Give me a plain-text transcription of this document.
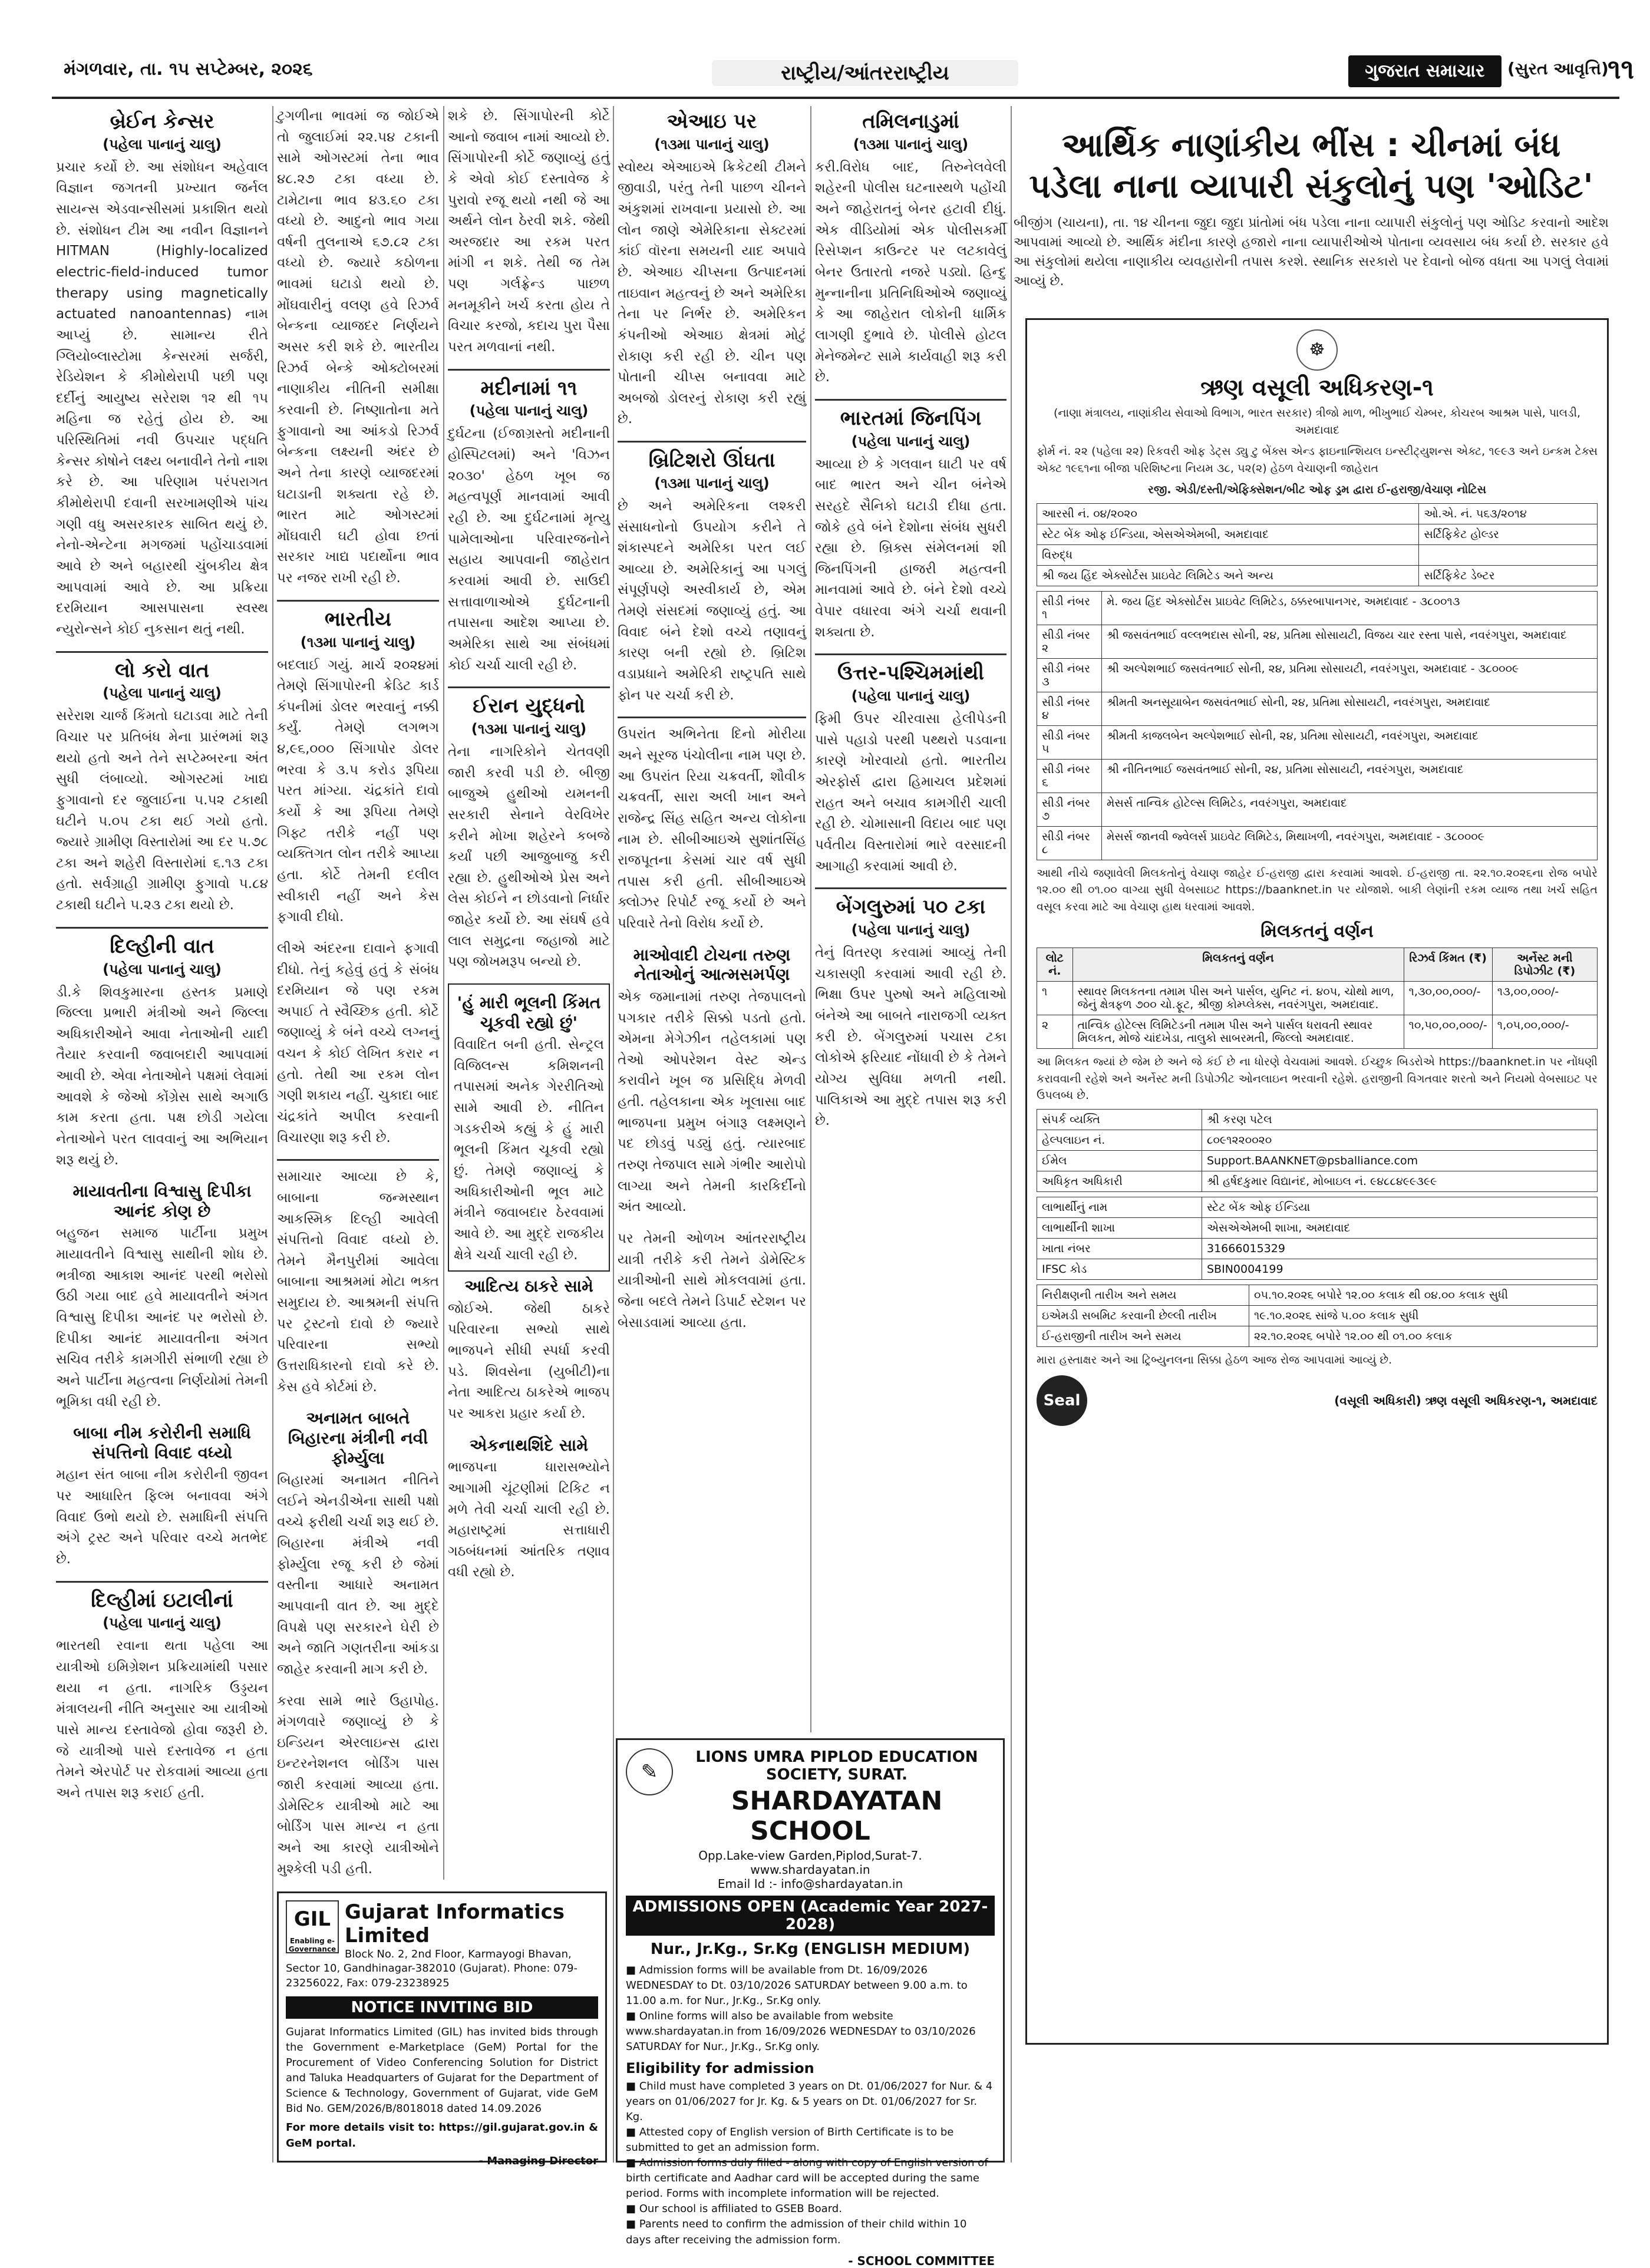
મંગળવાર, તા. ૧૫ સપ્ટેમ્બર, ૨૦૨૬	રાષ્ટ્રીય/આંતરરાષ્ટ્રીય	ગુજરાત સમાચાર	(સુરત આવૃત્તિ)
૧૧
બ્રેઈન કેન્સર
(પહેલા પાનાનું ચાલુ)
પ્રચાર કર્યો છે. આ સંશોધન અહેવાલ વિજ્ઞાન જગતની પ્રખ્યાત જર્નલ સાયન્સ એડવાન્સીસમાં પ્રકાશિત થયો છે. સંશોધન ટીમ આ નવીન વિજ્ઞાનને HITMAN (Highly-localized electric-field-induced tumor therapy using magnetically actuated nanoantennas) નામ આપ્યું છે. સામાન્ય રીતે ગ્લિયોબ્લાસ્ટોમા કેન્સરમાં સર્જરી, રેડિયેશન કે કીમોથેરાપી પછી પણ દર્દીનું આયુષ્ય સરેરાશ ૧૨ થી ૧૫ મહિના જ રહેતું હોય છે. આ પરિસ્થિતિમાં નવી ઉપચાર પદ્ધતિ કેન્સર કોષોને લક્ષ્ય બનાવીને તેનો નાશ કરે છે. આ પરિણામ પરંપરાગત કીમોથેરાપી દવાની સરખામણીએ પાંચ ગણી વધુ અસરકારક સાબિત થયું છે. નેનો-એન્ટેના મગજમાં પહોંચાડવામાં આવે છે અને બહારથી ચુંબકીય ક્ષેત્ર આપવામાં આવે છે. આ પ્રક્રિયા દરમિયાન આસપાસના સ્વસ્થ ન્યુરોન્સને કોઈ નુકસાન થતું નથી.
લો કરો વાત
(પહેલા પાનાનું ચાલુ)
સરેરાશ ચાર્જ કિંમતો ઘટાડવા માટે તેની વિચાર પર પ્રતિબંધ મેના પ્રારંભમાં શરૂ થયો હતો અને તેને સપ્ટેમ્બરના અંત સુધી લંબાવ્યો. ઓગસ્ટમાં ખાદ્ય ફુગાવાનો દર જુલાઈના ૫.૫૨ ટકાથી ઘટીને ૫.૦૫ ટકા થઈ ગયો હતો. જ્યારે ગ્રામીણ વિસ્તારોમાં આ દર ૫.૭૮ ટકા અને શહેરી વિસ્તારોમાં ૬.૧૩ ટકા હતો. સર્વગ્રાહી ગ્રામીણ ફુગાવો ૫.૮૪ ટકાથી ઘટીને ૫.૨૩ ટકા થયો છે.
દિલ્હીની વાત
(પહેલા પાનાનું ચાલુ)
ડી.કે શિવકુમારના હસ્તક પ્રમાણે જિલ્લા પ્રભારી મંત્રીઓ અને જિલ્લા અધિકારીઓને આવા નેતાઓની યાદી તૈયાર કરવાની જવાબદારી આપવામાં આવી છે. એવા નેતાઓને પક્ષમાં લેવામાં આવશે કે જેઓ કોંગ્રેસ સાથે અગાઉ કામ કરતા હતા. પક્ષ છોડી ગયેલા નેતાઓને પરત લાવવાનું આ અભિયાન શરૂ થયું છે.
માયાવતીના વિશ્વાસુ દિપીકા આનંદ કોણ છે
બહુજન સમાજ પાર્ટીના પ્રમુખ માયાવતીને વિશ્વાસુ સાથીની શોધ છે. ભત્રીજા આકાશ આનંદ પરથી ભરોસો ઉઠી ગયા બાદ હવે માયાવતીને અંગત વિશ્વાસુ દિપીકા આનંદ પર ભરોસો છે. દિપીકા આનંદ માયાવતીના અંગત સચિવ તરીકે કામગીરી સંભાળી રહ્યા છે અને પાર્ટીના મહત્વના નિર્ણયોમાં તેમની ભૂમિકા વધી રહી છે.
બાબા નીમ કરોરીની સમાધિ સંપત્તિનો વિવાદ વધ્યો
મહાન સંત બાબા નીમ કરોરીની જીવન પર આધારિત ફિલ્મ બનાવવા અંગે વિવાદ ઉભો થયો છે. સમાધિની સંપત્તિ અંગે ટ્રસ્ટ અને પરિવાર વચ્ચે મતભેદ છે.
દિલ્હીમાં ઇટાલીનાં
(પહેલા પાનાનું ચાલુ)
ભારતથી રવાના થતા પહેલા આ યાત્રીઓ ઇમિગ્રેશન પ્રક્રિયામાંથી પસાર થયા ન હતા. નાગરિક ઉડ્ડયન મંત્રાલયની નીતિ અનુસાર આ યાત્રીઓ પાસે માન્ય દસ્તાવેજો હોવા જરૂરી છે. જે યાત્રીઓ પાસે દસ્તાવેજ ન હતા તેમને એરપોર્ટ પર રોકવામાં આવ્યા હતા અને તપાસ શરૂ કરાઈ હતી.
ટુગળીના ભાવમાં જ જોઈએ તો જુલાઈમાં ૨૨.૫૪ ટકાની સામે ઓગસ્ટમાં તેના ભાવ ૪૮.૨૭ ટકા વધ્યા છે. ટામેટાના ભાવ ૪૩.૬૦ ટકા વધ્યો છે. આદુનો ભાવ ગયા વર્ષની તુલનાએ ૬૭.૮૨ ટકા વધ્યો છે. જ્યારે કઠોળના ભાવમાં ઘટાડો થયો છે. મોંઘવારીનું વલણ હવે રિઝર્વ બેન્કના વ્યાજદર નિર્ણયને અસર કરી શકે છે. ભારતીય રિઝર્વ બેન્કે ઓક્ટોબરમાં નાણાકીય નીતિની સમીક્ષા કરવાની છે. નિષ્ણાતોના મતે ફુગાવાનો આ આંકડો રિઝર્વ બેન્કના લક્ષ્યની અંદર છે અને તેના કારણે વ્યાજદરમાં ઘટાડાની શક્યતા રહે છે. ભારત માટે ઓગસ્ટમાં મોંઘવારી ઘટી હોવા છતાં સરકાર ખાદ્ય પદાર્થોના ભાવ પર નજર રાખી રહી છે.
ભારતીય
(૧૩મા પાનાનું ચાલુ)
બદલાઈ ગયું. માર્ચ ૨૦૨૪માં તેમણે સિંગાપોરની ક્રેડિટ કાર્ડ કંપનીમાં ડોલર ભરવાનું નક્કી કર્યું. તેમણે લગભગ ૪,૯૬,૦૦૦ સિંગાપોર ડોલર ભરવા કે ૩.૫ કરોડ રૂપિયા પરત માંગ્યા. ચંદ્રકાંતે દાવો કર્યો કે આ રૂપિયા તેમણે ગિફ્ટ તરીકે નહીં પણ વ્યક્તિગત લોન તરીકે આપ્યા હતા. કોર્ટે તેમની દલીલ સ્વીકારી નહીં અને કેસ ફગાવી દીધો.
લીએ અંદરના દાવાને ફગાવી દીધો. તેનું કહેવું હતું કે સંબંધ દરમિયાન જે પણ રકમ અપાઈ તે સ્વૈચ્છિક હતી. કોર્ટે જણાવ્યું કે બંને વચ્ચે લગ્નનું વચન કે કોઈ લેખિત કરાર ન હતો. તેથી આ રકમ લોન ગણી શકાય નહીં. ચુકાદા બાદ ચંદ્રકાંતે અપીલ કરવાની વિચારણા શરૂ કરી છે.
સમાચાર આવ્યા છે કે, બાબાના જન્મસ્થાન આકસ્મિક દિલ્હી આવેલી સંપત્તિનો વિવાદ વધ્યો છે. તેમને મૈનપુરીમાં આવેલા બાબાના આશ્રમમાં મોટા ભક્ત સમુદાય છે. આશ્રમની સંપત્તિ પર ટ્રસ્ટનો દાવો છે જ્યારે પરિવારના સભ્યો ઉત્તરાધિકારનો દાવો કરે છે. કેસ હવે કોર્ટમાં છે.
અનામત બાબતે બિહારના મંત્રીની નવી ફોર્મ્યુલા
બિહારમાં અનામત નીતિને લઈને એનડીએના સાથી પક્ષો વચ્ચે ફરીથી ચર્ચા શરૂ થઈ છે. બિહારના મંત્રીએ નવી ફોર્મ્યુલા રજૂ કરી છે જેમાં વસ્તીના આધારે અનામત આપવાની વાત છે. આ મુદ્દે વિપક્ષે પણ સરકારને ઘેરી છે અને જાતિ ગણતરીના આંકડા જાહેર કરવાની માગ કરી છે.
કરવા સામે ભારે ઉહાપોહ. મંગળવારે જણાવ્યું છે કે ઇન્ડિયન એરલાઇન્સ દ્વારા ઇન્ટરનેશનલ બોર્ડિંગ પાસ જારી કરવામાં આવ્યા હતા. ડોમેસ્ટિક યાત્રીઓ માટે આ બોર્ડિંગ પાસ માન્ય ન હતા અને આ કારણે યાત્રીઓને મુશ્કેલી પડી હતી.
શકે છે. સિંગાપોરની કોર્ટે આનો જવાબ નામાં આવ્યો છે. સિંગાપોરની કોર્ટે જણાવ્યું હતું કે એવો કોઈ દસ્તાવેજ કે પુરાવો રજૂ થયો નથી જે આ અર્થને લોન ઠેરવી શકે. જેથી અરજદાર આ રકમ પરત માંગી ન શકે. તેથી જ તેમ પણ ગર્લફ્રેન્ડ પાછળ મનમૂકીને ખર્ચ કરતા હોય તે વિચાર કરજો, કદાચ પુરા પૈસા પરત મળવાનાં નથી.
મદીનામાં ૧૧
(પહેલા પાનાનું ચાલુ)
દુર્ઘટના (ઈજાગ્રસ્તો મદીનાની હોસ્પિટલમાં) અને 'વિઝન ૨૦૩૦' હેઠળ ખૂબ જ મહત્વપૂર્ણ માનવામાં આવી રહી છે. આ દુર્ઘટનામાં મૃત્યુ પામેલાઓના પરિવારજનોને સહાય આપવાની જાહેરાત કરવામાં આવી છે. સાઉદી સત્તાવાળાઓએ દુર્ઘટનાની તપાસના આદેશ આપ્યા છે. અમેરિકા સાથે આ સંબંધમાં કોઈ ચર્ચા ચાલી રહી છે.
ઈરાન યુદ્ધનો
(૧૩મા પાનાનું ચાલુ)
તેના નાગરિકોને ચેતવણી જારી કરવી પડી છે. બીજી બાજુએ હુથીઓ યમનની સરકારી સેનાને વેરવિખેર કરીને મોખા શહેરને કબજે કર્યાં પછી આજુબાજુ કરી રહ્યા છે. હુથીઓએ પ્રેસ અને લેસ કોઈને ન છોડવાનો નિર્ધાર જાહેર કર્યો છે. આ સંઘર્ષ હવે લાલ સમુદ્રના જહાજો માટે પણ જોખમરૂપ બન્યો છે.
'હું મારી ભૂલની કિંમત ચૂકવી રહ્યો છું'
વિવાદિત બની હતી. સેન્ટ્રલ વિજિલન્સ કમિશનની તપાસમાં અનેક ગેરરીતિઓ સામે આવી છે. નીતિન ગડકરીએ કહ્યું કે હું મારી ભૂલની કિંમત ચૂકવી રહ્યો છું. તેમણે જણાવ્યું કે અધિકારીઓની ભૂલ માટે મંત્રીને જવાબદાર ઠેરવવામાં આવે છે. આ મુદ્દે રાજકીય ક્ષેત્રે ચર્ચા ચાલી રહી છે.
આદિત્ય ઠાકરે સામે
જોઈએ. જેથી ઠાકરે પરિવારના સભ્યો સાથે ભાજપને સીધી સ્પર્ધા કરવી પડે. શિવસેના (યુબીટી)ના નેતા આદિત્ય ઠાકરેએ ભાજપ પર આકરા પ્રહાર કર્યા છે.
એકનાથશિંદે સામે
ભાજપના ધારાસભ્યોને આગામી ચૂંટણીમાં ટિકિટ ન મળે તેવી ચર્ચા ચાલી રહી છે. મહારાષ્ટ્રમાં સત્તાધારી ગઠબંધનમાં આંતરિક તણાવ વધી રહ્યો છે.
એઆઇ પર
(૧૩મા પાનાનું ચાલુ)
સ્વોથ્ય એઆઇએ ક્રિકેટથી ટીમને જીવાડી, પરંતુ તેની પાછળ ચીનને અંકુશમાં રાખવાના પ્રયાસો છે. આ લોન જાણે એમેરિકાના સેક્ટરમાં કાંઈ વૉરના સમયની યાદ અપાવે છે. એઆઇ ચીપ્સના ઉત્પાદનમાં તાઇવાન મહત્વનું છે અને અમેરિકા તેના પર નિર્ભર છે. અમેરિકન કંપનીઓ એઆઇ ક્ષેત્રમાં મોટું રોકાણ કરી રહી છે. ચીન પણ પોતાની ચીપ્સ બનાવવા માટે અબજો ડોલરનું રોકાણ કરી રહ્યું છે.
બ્રિટિશરો ઊંઘતા
(૧૩મા પાનાનું ચાલુ)
છે અને અમેરિકના લશ્કરી સંસાધનોનો ઉપયોગ કરીને તે શંકાસ્પદને અમેરિકા પરત લઈ આવ્યા છે. અમેરિકાનું આ પગલું સંપૂર્ણપણે અસ્વીકાર્ય છે, એમ તેમણે સંસદમાં જણાવ્યું હતું. આ વિવાદ બંને દેશો વચ્ચે તણાવનું કારણ બની રહ્યો છે. બ્રિટિશ વડાપ્રધાને અમેરિકી રાષ્ટ્રપતિ સાથે ફોન પર ચર્ચા કરી છે.
ઉપરાંત અભિનેતા દિનો મોરીયા અને સૂરજ પંચોલીના નામ પણ છે. આ ઉપરાંત રિયા ચક્રવર્તી, શૌવીક ચક્રવર્તી, સારા અલી ખાન અને રાજેન્દ્ર સિંહ સહિત અન્ય લોકોના નામ છે. સીબીઆઇએ સુશાંતસિંહ રાજપૂતના કેસમાં ચાર વર્ષ સુધી તપાસ કરી હતી. સીબીઆઇએ ક્લોઝર રિપોર્ટ રજૂ કર્યો છે અને પરિવારે તેનો વિરોધ કર્યો છે.
માઓવાદી ટોચના તરુણ નેતાઓનું આત્મસમર્પણ
એક જમાનામાં તરુણ તેજપાલનો પગકાર તરીકે સિક્કો પડતો હતો. એમના મેગેઝીન તહેલકામાં પણ તેઓ ઓપરેશન વેસ્ટ એન્ડ કરાવીને ખૂબ જ પ્રસિદ્ધિ મેળવી હતી. તહેલકાના એક ખૂલાસા બાદ ભાજપના પ્રમુખ બંગારૂ લક્ષ્મણને પદ છોડવું પડ્યું હતું. ત્યારબાદ તરુણ તેજપાલ સામે ગંભીર આરોપો લાગ્યા અને તેમની કારકિર્દીનો અંત આવ્યો.
પર તેમની ઓળખ આંતરરાષ્ટ્રીય યાત્રી તરીકે કરી તેમને ડોમેસ્ટિક યાત્રીઓની સાથે મોકલવામાં હતા. જેના બદલે તેમને ડિપાર્ટ સ્ટેશન પર બેસાડવામાં આવ્યા હતા.
તમિલનાડુમાં
(૧૩મા પાનાનું ચાલુ)
કરી.વિરોધ બાદ, તિરુનેલવેલી શહેરની પોલીસ ઘટનાસ્થળે પહોંચી અને જાહેરાતનું બેનર હટાવી દીધું. એક વીડિયોમાં એક પોલીસકર્મી રિસેપ્શન કાઉન્ટર પર લટકાવેલું બેનર ઉતારતો નજરે પડ્યો. હિન્દુ મુન્નાનીના પ્રતિનિધિઓએ જણાવ્યું કે આ જાહેરાત લોકોની ધાર્મિક લાગણી દુભાવે છે. પોલીસે હોટલ મેનેજમેન્ટ સામે કાર્યવાહી શરૂ કરી છે.
ભારતમાં જિનપિંગ
(પહેલા પાનાનું ચાલુ)
આવ્યા છે કે ગલવાન ઘાટી પર વર્ષ બાદ ભારત અને ચીન બંનેએ સરહદે સૈનિકો ઘટાડી દીધા હતા. જોકે હવે બંને દેશોના સંબંધ સુધરી રહ્યા છે. બ્રિક્સ સંમેલનમાં શી જિનપિંગની હાજરી મહત્વની માનવામાં આવે છે. બંને દેશો વચ્ચે વેપાર વધારવા અંગે ચર્ચા થવાની શક્યતા છે.
ઉત્તર-પશ્ચિમમાંથી
(પહેલા પાનાનું ચાલુ)
ફિમી ઉપર ચીરવાસા હેલીપેડની પાસે પહાડો પરથી પથ્થરો પડવાના કારણે ખોરવાયો હતો. ભારતીય એરફોર્સ દ્વારા હિમાચલ પ્રદેશમાં રાહત અને બચાવ કામગીરી ચાલી રહી છે. ચોમાસાની વિદાય બાદ પણ પર્વતીય વિસ્તારોમાં ભારે વરસાદની આગાહી કરવામાં આવી છે.
બેંગલુરુમાં ૫૦ ટકા
(પહેલા પાનાનું ચાલુ)
તેનું વિતરણ કરવામાં આવ્યું તેની ચકાસણી કરવામાં આવી રહી છે. ભિક્ષા ઉપર પુરુષો અને મહિલાઓ બંનેએ આ બાબતે નારાજગી વ્યક્ત કરી છે. બેંગલુરુમાં પચાસ ટકા લોકોએ ફરિયાદ નોંધાવી છે કે તેમને યોગ્ય સુવિધા મળતી નથી. પાલિકાએ આ મુદ્દે તપાસ શરૂ કરી છે.
આર્થિક નાણાંકીય ભીંસ : ચીનમાં બંધ
પડેલા નાના વ્યાપારી સંકુલોનું પણ 'ઓડિટ'
બીજીંગ (ચાયના), તા. ૧૪ ચીનના જુદા જુદા પ્રાંતોમાં બંધ પડેલા નાના વ્યાપારી સંકુલોનું પણ ઓડિટ કરવાનો આદેશ આપવામાં આવ્યો છે. આર્થિક મંદીના કારણે હજારો નાના વ્યાપારીઓએ પોતાના વ્યવસાય બંધ કર્યા છે. સરકાર હવે આ સંકુલોમાં થયેલા નાણાકીય વ્યવહારોની તપાસ કરશે. સ્થાનિક સરકારો પર દેવાનો બોજ વધતા આ પગલું લેવામાં આવ્યું છે.
☸
ઋણ વસૂલી અધિકરણ-૧
(નાણા મંત્રાલય, નાણાંકીય સેવાઓ વિભાગ, ભારત સરકાર) ત્રીજો માળ, ભીખુભાઈ ચેમ્બર, કોચરબ આશ્રમ પાસે, પાલડી, અમદાવાદ
ફોર્મ નં. ૨૨ (પહેલા ૨૨) રિકવરી ઓફ ડેટ્સ ડ્યુ ટુ બેંક્સ એન્ડ ફાઇનાન્શિયલ ઇન્સ્ટીટ્યુશન્સ એક્ટ, ૧૯૯૩ અને ઇન્કમ ટેક્સ એક્ટ ૧૯૬૧ના બીજા પરિશિષ્ટના નિયમ ૩૮, ૫૨(૨) હેઠળ વેચાણની જાહેરાત
રજી. એડી/દસ્તી/એફિક્સેશન/બીટ ઓફ ડ્રમ દ્વારા ઈ-હરાજી/વેચાણ નોટિસ
આરસી નં. ૦૪/૨૦૨૦	ઓ.એ. નં. ૫૬૩/૨૦૧૪
સ્ટેટ બેંક ઓફ ઈન્ડિયા, એસએએમબી, અમદાવાદ	સર્ટિફિકેટ હોલ્ડર
વિરુદ્ધ	
શ્રી જય હિંદ એક્સોર્ટસ પ્રાઇવેટ લિમિટેડ અને અન્ય	સર્ટિફિકેટ ડેબ્ટર
સીડી નંબર ૧	મે. જય હિંદ એક્સોર્ટસ પ્રાઇવેટ લિમિટેડ, ઠક્કરબાપાનગર, અમદાવાદ - ૩૮૦૦૧૩
સીડી નંબર ૨	શ્રી જસવંતભાઈ વલ્લભદાસ સોની, ૨૪, પ્રતિમા સોસાયટી, વિજય ચાર રસ્તા પાસે, નવરંગપુરા, અમદાવાદ
સીડી નંબર ૩	શ્રી અલ્પેશભાઈ જસવંતભાઈ સોની, ૨૪, પ્રતિમા સોસાયટી, નવરંગપુરા, અમદાવાદ - ૩૮૦૦૦૯
સીડી નંબર ૪	શ્રીમતી અનસૂયાબેન જસવંતભાઈ સોની, ૨૪, પ્રતિમા સોસાયટી, નવરંગપુરા, અમદાવાદ
સીડી નંબર ૫	શ્રીમતી કાજલબેન અલ્પેશભાઈ સોની, ૨૪, પ્રતિમા સોસાયટી, નવરંગપુરા, અમદાવાદ
સીડી નંબર ૬	શ્રી નીતિનભાઈ જસવંતભાઈ સોની, ૨૪, પ્રતિમા સોસાયટી, નવરંગપુરા, અમદાવાદ
સીડી નંબર ૭	મેસર્સ તાન્વિક હોટેલ્સ લિમિટેડ, નવરંગપુરા, અમદાવાદ
સીડી નંબર ૮	મેસર્સ જાનવી જ્વેલર્સ પ્રાઇવેટ લિમિટેડ, મિથાખળી, નવરંગપુરા, અમદાવાદ - ૩૮૦૦૦૯
આથી નીચે જણાવેલી મિલકતોનું વેચાણ જાહેર ઈ-હરાજી દ્વારા કરવામાં આવશે. ઈ-હરાજી તા. ૨૨.૧૦.૨૦૨૬ના રોજ બપોરે ૧૨.૦૦ થી ૦૧.૦૦ વાગ્યા સુધી વેબસાઇટ https://baanknet.in પર યોજાશે. બાકી લેણાંની રકમ વ્યાજ તથા ખર્ચ સહિત વસૂલ કરવા માટે આ વેચાણ હાથ ધરવામાં આવશે.
મિલકતનું વર્ણન
લોટ નં.	મિલકતનું વર્ણન	રિઝર્વ કિંમત (₹)	અર્નેસ્ટ મની ડિપોઝીટ (₹)
૧	સ્થાવર મિલકતના તમામ પીસ અને પાર્સલ, યુનિટ નં. ૪૦૫, ચોથો માળ, જેનું ક્ષેત્રફળ ૭૦૦ ચો.ફૂટ, શ્રીજી કોમ્પ્લેક્સ, નવરંગપુરા, અમદાવાદ.	૧,૩૦,૦૦,૦૦૦/-	૧૩,૦૦,૦૦૦/-
૨	તાન્વિક હોટેલ્સ લિમિટેડની તમામ પીસ અને પાર્સલ ધરાવતી સ્થાવર મિલકત, મોજે ચાંદખેડા, તાલુકો સાબરમતી, જિલ્લો અમદાવાદ.	૧૦,૫૦,૦૦,૦૦૦/-	૧,૦૫,૦૦,૦૦૦/-
આ મિલકત જ્યાં છે જેમ છે અને જે કંઈ છે ના ધોરણે વેચવામાં આવશે. ઈચ્છુક બિડરોએ https://baanknet.in પર નોંધણી કરાવવાની રહેશે અને અર્નેસ્ટ મની ડિપોઝીટ ઓનલાઇન ભરવાની રહેશે. હરાજીની વિગતવાર શરતો અને નિયમો વેબસાઇટ પર ઉપલબ્ધ છે.
સંપર્ક વ્યક્તિ	શ્રી કરણ પટેલ
હેલ્પલાઇન નં.	૮૦૯૧૨૨૦૦૨૦
ઈમેલ	Support.BAANKNET@psballiance.com
અધિકૃત અધિકારી	શ્રી હર્ષદકુમાર વિદ્યાનંદ, મોબાઇલ નં. ૯૪૮૮૪૯૯૩૯૯
લાભાર્થીનું નામ	સ્ટેટ બેંક ઓફ ઈન્ડિયા
લાભાર્થીની શાખા	એસએએમબી શાખા, અમદાવાદ
ખાતા નંબર	31666015329
IFSC કોડ	SBIN0004199
નિરીક્ષણની તારીખ અને સમય	૦૫.૧૦.૨૦૨૬ બપોરે ૧૨.૦૦ કલાક થી ૦૪.૦૦ કલાક સુધી
ઇએમડી સબમિટ કરવાની છેલ્લી તારીખ	૧૯.૧૦.૨૦૨૬ સાંજે ૫.૦૦ કલાક સુધી
ઈ-હરાજીની તારીખ અને સમય	૨૨.૧૦.૨૦૨૬ બપોરે ૧૨.૦૦ થી ૦૧.૦૦ કલાક
મારા હસ્તાક્ષર અને આ ટ્રિબ્યુનલના સિક્કા હેઠળ આજ રોજ આપવામાં આવ્યું છે.
Seal	(વસૂલી અધિકારી) ઋણ વસૂલી અધિકરણ-૧, અમદાવાદ
GIL
Enabling e-Governance
Gujarat Informatics Limited
Block No. 2, 2nd Floor, Karmayogi Bhavan, Sector 10, Gandhinagar-382010 (Gujarat). Phone: 079-23256022, Fax: 079-23238925
NOTICE INVITING BID
Gujarat Informatics Limited (GIL) has invited bids through the Government e-Marketplace (GeM) Portal for the Procurement of Video Conferencing Solution for District and Taluka Headquarters of Gujarat for the Department of Science & Technology, Government of Gujarat, vide GeM Bid No. GEM/2026/B/8018018 dated 14.09.2026
For more details visit to: https://gil.gujarat.gov.in & GeM portal.
- Managing Director
✎
LIONS UMRA PIPLOD EDUCATION SOCIETY, SURAT.
SHARDAYATAN SCHOOL
Opp.Lake-view Garden,Piplod,Surat-7.
www.shardayatan.in
Email Id :- info@shardayatan.in
ADMISSIONS OPEN (Academic Year 2027-2028)
Nur., Jr.Kg., Sr.Kg (ENGLISH MEDIUM)
■ Admission forms will be available from Dt. 16/09/2026 WEDNESDAY to Dt. 03/10/2026 SATURDAY between 9.00 a.m. to 11.00 a.m. for Nur., Jr.Kg., Sr.Kg only.
■ Online forms will also be available from website www.shardayatan.in from 16/09/2026 WEDNESDAY to 03/10/2026 SATURDAY for Nur., Jr.Kg., Sr.Kg only.
Eligibility for admission
■ Child must have completed 3 years on Dt. 01/06/2027 for Nur. & 4 years on 01/06/2027 for Jr. Kg. & 5 years on Dt. 01/06/2027 for Sr. Kg.
■ Attested copy of English version of Birth Certificate is to be submitted to get an admission form.
■ Admission forms duly filled - along with copy of English version of birth certificate and Aadhar card will be accepted during the same period. Forms with incomplete information will be rejected.
■ Our school is affiliated to GSEB Board.
■ Parents need to confirm the admission of their child within 10 days after receiving the admission form.
- SCHOOL COMMITTEE
